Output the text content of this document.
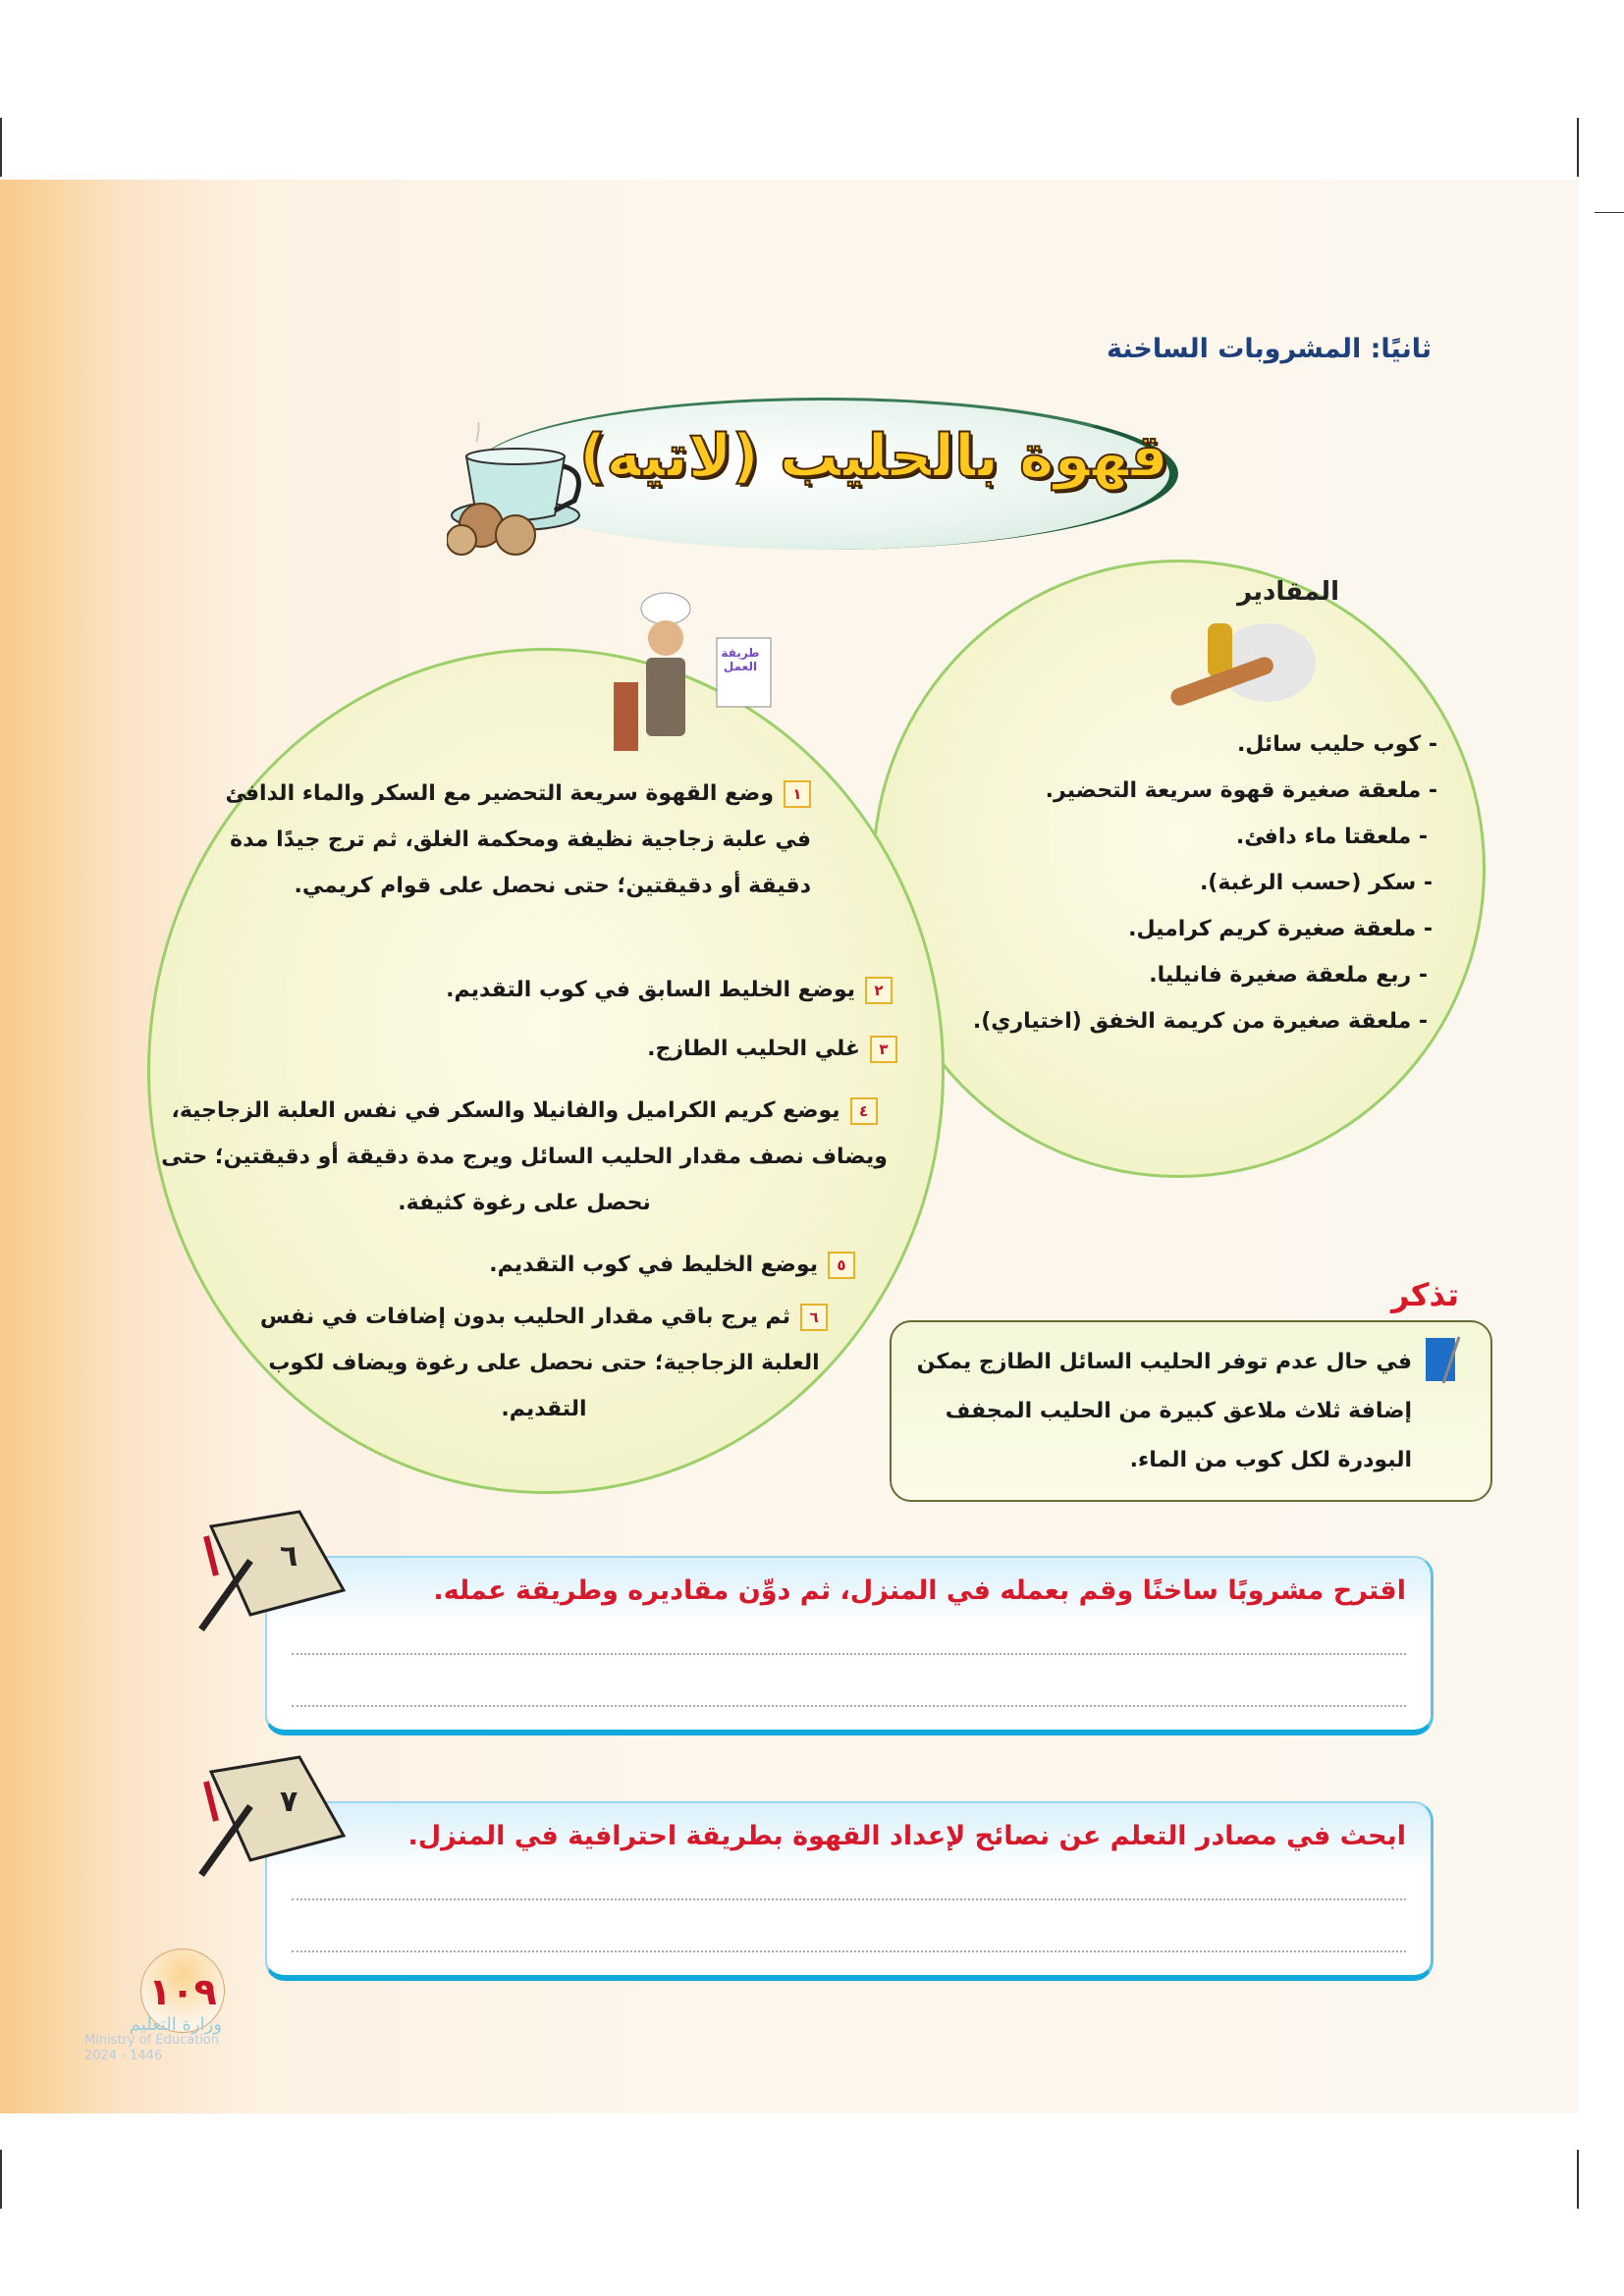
ثانيًا: المشروبات الساخنة
قهوة بالحليب (لاتيه)
المقادير
- كوب حليب سائل.
- ملعقة صغيرة قهوة سريعة التحضير.
- ملعقتا ماء دافئ.
- سكر (حسب الرغبة).
- ملعقة صغيرة كريم كراميل.
- ربع ملعقة صغيرة فانيليا.
- ملعقة صغيرة من كريمة الخفق (اختياري).
طريقة العمل
١وضع القهوة سريعة التحضير مع السكر والماء الدافئ في علبة زجاجية نظيفة ومحكمة الغلق، ثم ترج جيدًا مدة دقيقة أو دقيقتين؛ حتى نحصل على قوام كريمي.
٢يوضع الخليط السابق في كوب التقديم.
٣غلي الحليب الطازج.
٤يوضع كريم الكراميل والفانيلا والسكر في نفس العلبة الزجاجية، ويضاف نصف مقدار الحليب السائل ويرج مدة دقيقة أو دقيقتين؛ حتى نحصل على رغوة كثيفة.
٥يوضع الخليط في كوب التقديم.
٦ثم يرج باقي مقدار الحليب بدون إضافات في نفس العلبة الزجاجية؛ حتى نحصل على رغوة ويضاف لكوب التقديم.
تذكر

في حال عدم توفر الحليب السائل الطازج يمكن إضافة ثلاث ملاعق كبيرة من الحليب المجفف البودرة لكل كوب من الماء.

اقترح مشروبًا ساخنًا وقم بعمله في المنزل، ثم دوِّن مقاديره وطريقة عمله.
٦
ابحث في مصادر التعلم عن نصائح لإعداد القهوة بطريقة احترافية في المنزل.
٧
١٠٩
وزارة التعليم
Ministry of Education
2024 - 1446
